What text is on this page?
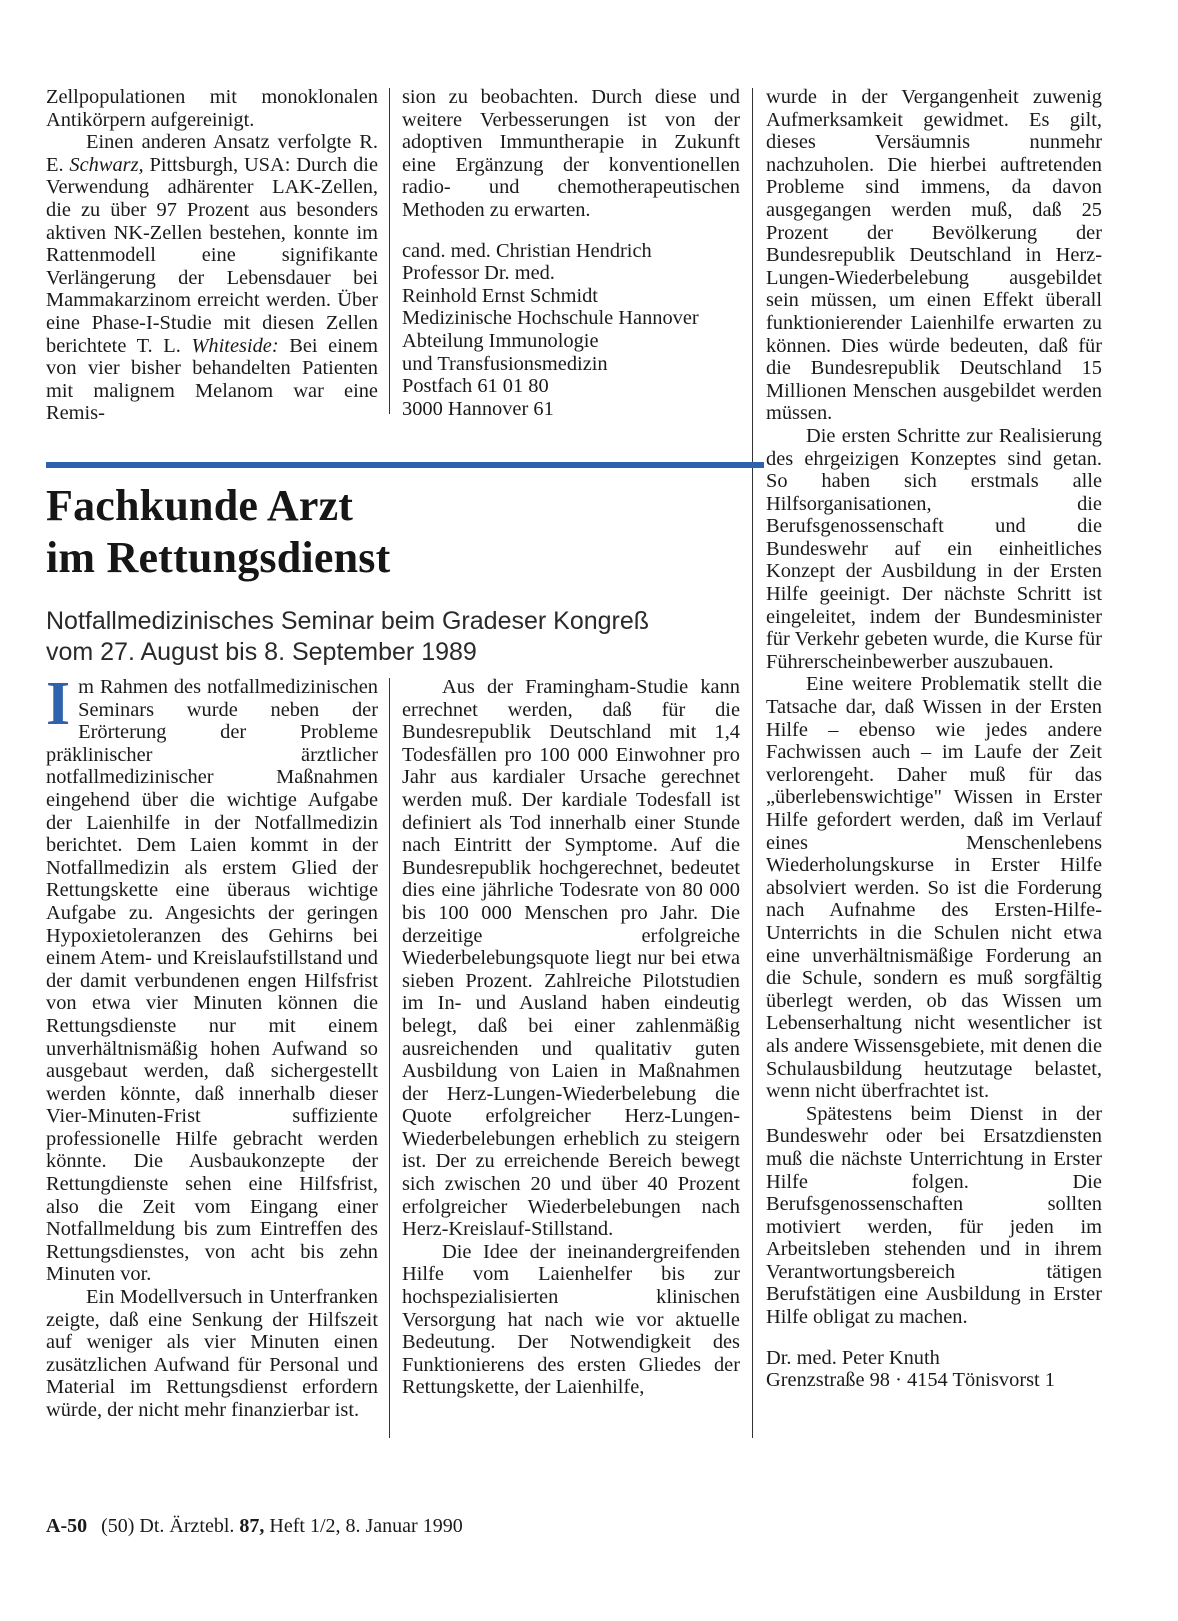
Zellpopulationen mit monoklonalen Antikörpern aufgereinigt.

Einen anderen Ansatz verfolgte R. E. Schwarz, Pittsburgh, USA: Durch die Verwendung adhärenter LAK-Zellen, die zu über 97 Prozent aus besonders aktiven NK-Zellen bestehen, konnte im Rattenmodell eine signifikante Verlängerung der Lebensdauer bei Mammakarzinom erreicht werden. Über eine Phase-I-Studie mit diesen Zellen berichtete T. L. Whiteside: Bei einem von vier bisher behandelten Patienten mit malignem Melanom war eine Remis-

sion zu beobachten. Durch diese und weitere Verbesserungen ist von der adoptiven Immuntherapie in Zukunft eine Ergänzung der konventionellen radio- und chemotherapeutischen Methoden zu erwarten.

cand. med. Christian Hendrich
Professor Dr. med.
Reinhold Ernst Schmidt
Medizinische Hochschule Hannover
Abteilung Immunologie
und Transfusionsmedizin
Postfach 61 01 80
3000 Hannover 61
Fachkunde Arzt
im Rettungsdienst
Notfallmedizinisches Seminar beim Gradeser Kongreß
vom 27. August bis 8. September 1989

Im Rahmen des notfallmedizinischen Seminars wurde neben der Erörterung der Probleme präklinischer ärztlicher notfallmedizinischer Maßnahmen eingehend über die wichtige Aufgabe der Laienhilfe in der Notfallmedizin berichtet. Dem Laien kommt in der Notfallmedizin als erstem Glied der Rettungskette eine überaus wichtige Aufgabe zu. Angesichts der geringen Hypoxietoleranzen des Gehirns bei einem Atem- und Kreislaufstillstand und der damit verbundenen engen Hilfsfrist von etwa vier Minuten können die Rettungsdienste nur mit einem unverhältnismäßig hohen Aufwand so ausgebaut werden, daß sichergestellt werden könnte, daß innerhalb dieser Vier-Minuten-Frist suffiziente professionelle Hilfe gebracht werden könnte. Die Ausbaukonzepte der Rettungdienste sehen eine Hilfsfrist, also die Zeit vom Eingang einer Notfallmeldung bis zum Eintreffen des Rettungsdienstes, von acht bis zehn Minuten vor.

Ein Modellversuch in Unterfranken zeigte, daß eine Senkung der Hilfszeit auf weniger als vier Minuten einen zusätzlichen Aufwand für Personal und Material im Rettungsdienst erfordern würde, der nicht mehr finanzierbar ist.

Aus der Framingham-Studie kann errechnet werden, daß für die Bundesrepublik Deutschland mit 1,4 Todesfällen pro 100 000 Einwohner pro Jahr aus kardialer Ursache gerechnet werden muß. Der kardiale Todesfall ist definiert als Tod innerhalb einer Stunde nach Eintritt der Symptome. Auf die Bundesrepublik hochgerechnet, bedeutet dies eine jährliche Todesrate von 80 000 bis 100 000 Menschen pro Jahr. Die derzeitige erfolgreiche Wiederbelebungsquote liegt nur bei etwa sieben Prozent. Zahlreiche Pilotstudien im In- und Ausland haben eindeutig belegt, daß bei einer zahlenmäßig ausreichenden und qualitativ guten Ausbildung von Laien in Maßnahmen der Herz-Lungen-Wiederbelebung die Quote erfolgreicher Herz-Lungen-Wiederbelebungen erheblich zu steigern ist. Der zu erreichende Bereich bewegt sich zwischen 20 und über 40 Prozent erfolgreicher Wiederbelebungen nach Herz-Kreislauf-Stillstand.

Die Idee der ineinandergreifenden Hilfe vom Laienhelfer bis zur hochspezialisierten klinischen Versorgung hat nach wie vor aktuelle Bedeutung. Der Notwendigkeit des Funktionierens des ersten Gliedes der Rettungskette, der Laienhilfe,

wurde in der Vergangenheit zuwenig Aufmerksamkeit gewidmet. Es gilt, dieses Versäumnis nunmehr nachzuholen. Die hierbei auftretenden Probleme sind immens, da davon ausgegangen werden muß, daß 25 Prozent der Bevölkerung der Bundesrepublik Deutschland in Herz-Lungen-Wiederbelebung ausgebildet sein müssen, um einen Effekt überall funktionierender Laienhilfe erwarten zu können. Dies würde bedeuten, daß für die Bundesrepublik Deutschland 15 Millionen Menschen ausgebildet werden müssen.

Die ersten Schritte zur Realisierung des ehrgeizigen Konzeptes sind getan. So haben sich erstmals alle Hilfsorganisationen, die Berufsgenossenschaft und die Bundeswehr auf ein einheitliches Konzept der Ausbildung in der Ersten Hilfe geeinigt. Der nächste Schritt ist eingeleitet, indem der Bundesminister für Verkehr gebeten wurde, die Kurse für Führerscheinbewerber auszubauen.

Eine weitere Problematik stellt die Tatsache dar, daß Wissen in der Ersten Hilfe – ebenso wie jedes andere Fachwissen auch – im Laufe der Zeit verlorengeht. Daher muß für das „überlebenswichtige" Wissen in Erster Hilfe gefordert werden, daß im Verlauf eines Menschenlebens Wiederholungskurse in Erster Hilfe absolviert werden. So ist die Forderung nach Aufnahme des Ersten-Hilfe-Unterrichts in die Schulen nicht etwa eine unverhältnismäßige Forderung an die Schule, sondern es muß sorgfältig überlegt werden, ob das Wissen um Lebenserhaltung nicht wesentlicher ist als andere Wissensgebiete, mit denen die Schulausbildung heutzutage belastet, wenn nicht überfrachtet ist.

Spätestens beim Dienst in der Bundeswehr oder bei Ersatzdiensten muß die nächste Unterrichtung in Erster Hilfe folgen. Die Berufsgenossenschaften sollten motiviert werden, für jeden im Arbeitsleben stehenden und in ihrem Verantwortungsbereich tätigen Berufstätigen eine Ausbildung in Erster Hilfe obligat zu machen.

Dr. med. Peter Knuth
Grenzstraße 98 · 4154 Tönisvorst 1
A-50 (50) Dt. Ärztebl. 87, Heft 1/2, 8. Januar 1990
